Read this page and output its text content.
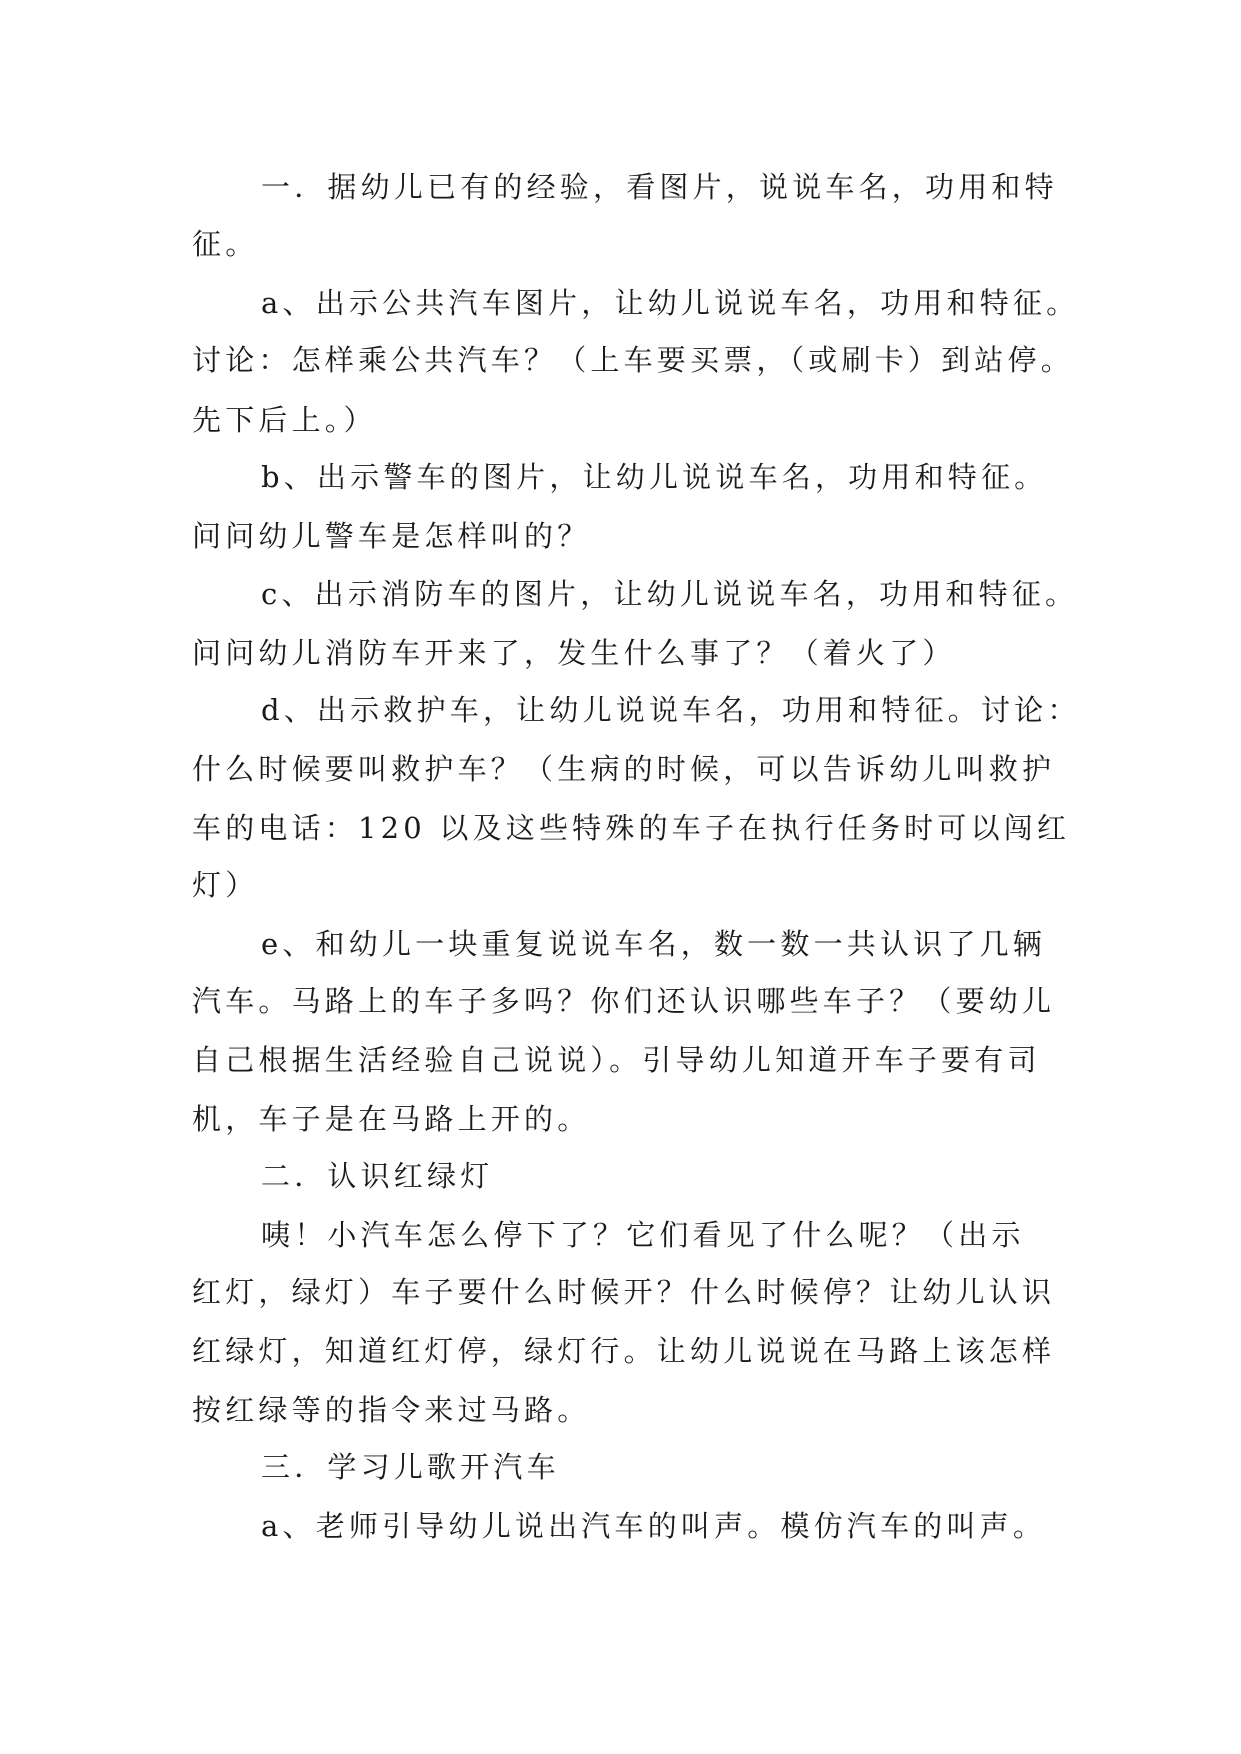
一．据幼儿已有的经验，看图片，说说车名，功用和特
征。
a、出示公共汽车图片，让幼儿说说车名，功用和特征。
讨论：怎样乘公共汽车？（上车要买票，（或刷卡）到站停。
先下后上。）
b、出示警车的图片，让幼儿说说车名，功用和特征。
问问幼儿警车是怎样叫的？
c、出示消防车的图片，让幼儿说说车名，功用和特征。
问问幼儿消防车开来了，发生什么事了？（着火了）
d、出示救护车，让幼儿说说车名，功用和特征。讨论：
什么时候要叫救护车？（生病的时候，可以告诉幼儿叫救护
车的电话：120 以及这些特殊的车子在执行任务时可以闯红
灯）
e、和幼儿一块重复说说车名，数一数一共认识了几辆
汽车。马路上的车子多吗？你们还认识哪些车子？（要幼儿
自己根据生活经验自己说说）。引导幼儿知道开车子要有司
机，车子是在马路上开的。
二．认识红绿灯
咦！小汽车怎么停下了？它们看见了什么呢？（出示
红灯，绿灯）车子要什么时候开？什么时候停？让幼儿认识
红绿灯，知道红灯停，绿灯行。让幼儿说说在马路上该怎样
按红绿等的指令来过马路。
三．学习儿歌开汽车
a、老师引导幼儿说出汽车的叫声。模仿汽车的叫声。
